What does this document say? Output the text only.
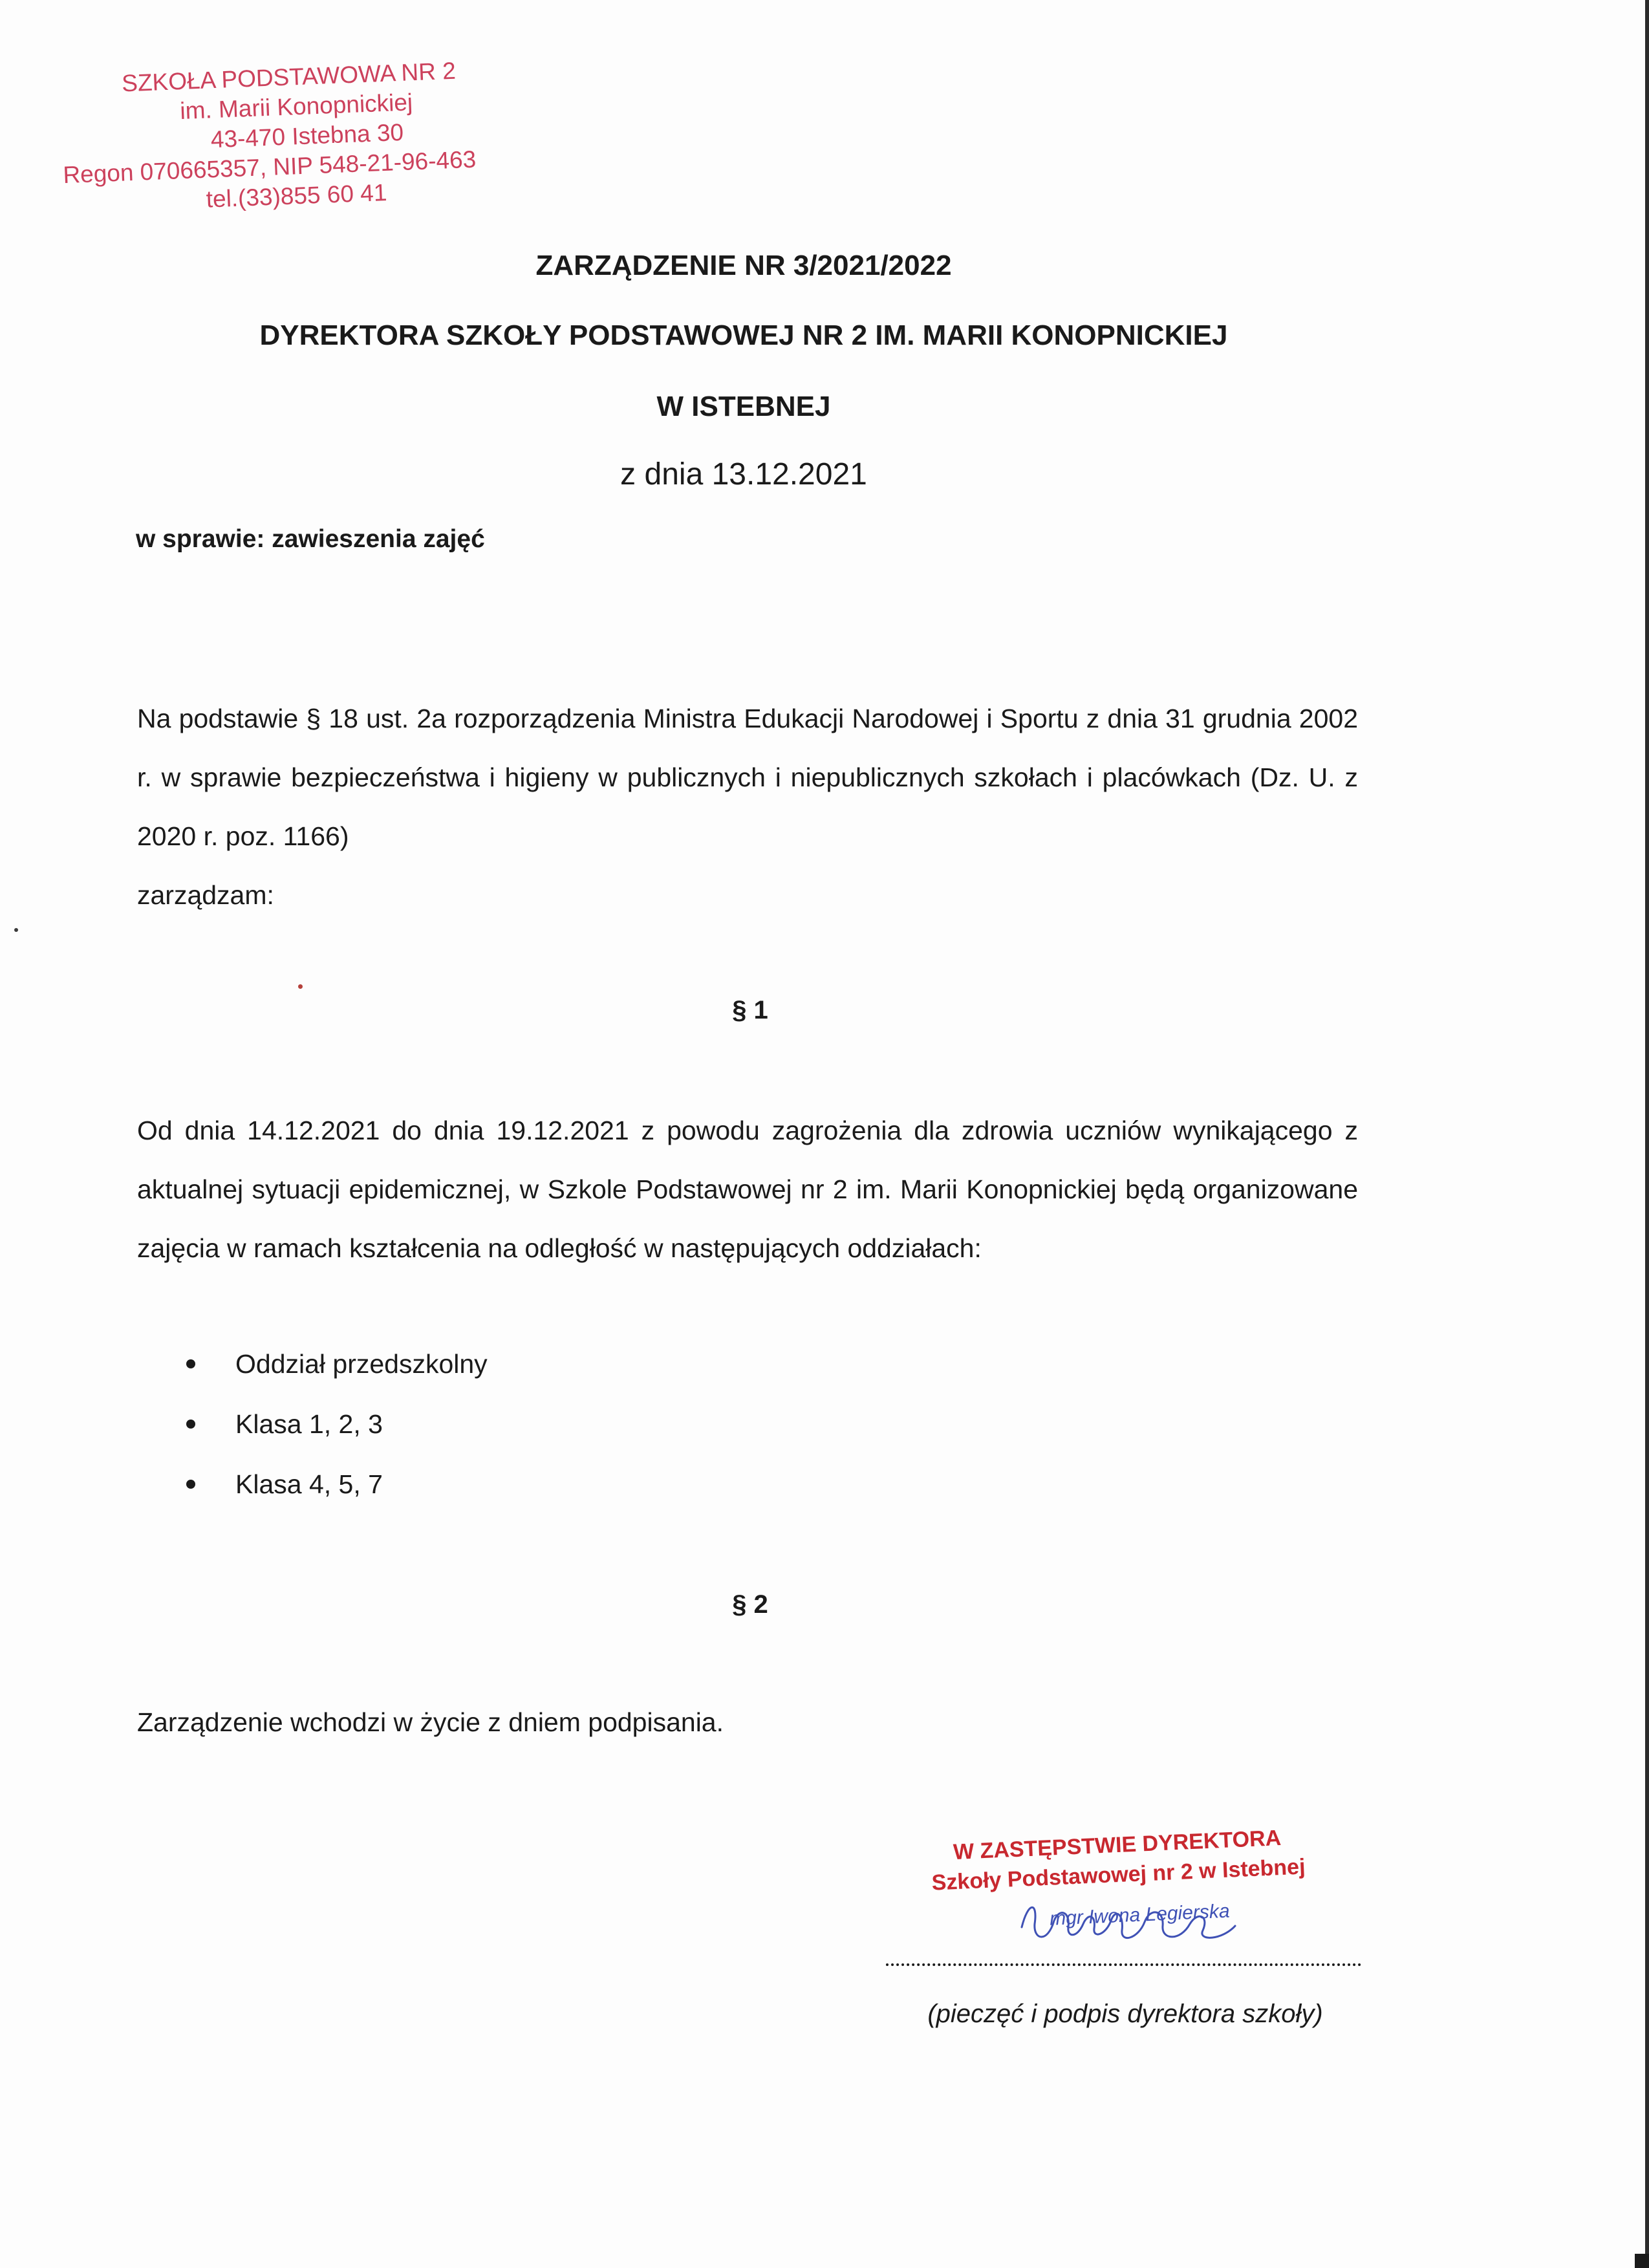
SZKOŁA PODSTAWOWA NR 2
im. Marii Konopnickiej
43-470 Istebna 30
Regon 070665357, NIP 548-21-96-463
tel.(33)855 60 41
ZARZĄDZENIE NR 3/2021/2022
DYREKTORA SZKOŁY PODSTAWOWEJ NR 2 IM. MARII KONOPNICKIEJ
W ISTEBNEJ
z dnia 13.12.2021
w sprawie: zawieszenia zajęć
Na podstawie § 18 ust. 2a rozporządzenia Ministra Edukacji Narodowej i Sportu z dnia 31 grudnia 2002 r. w sprawie bezpieczeństwa i higieny w publicznych i niepublicznych szkołach i placówkach (Dz. U. z 2020 r. poz. 1166)
zarządzam:
§ 1
Od dnia 14.12.2021 do dnia 19.12.2021 z powodu zagrożenia dla zdrowia uczniów wynikającego z aktualnej sytuacji epidemicznej, w Szkole Podstawowej nr 2 im. Marii Konopnickiej będą organizowane zajęcia w ramach kształcenia na odległość w następujących oddziałach:
Oddział przedszkolny
Klasa 1, 2, 3
Klasa 4, 5, 7
§ 2
Zarządzenie wchodzi w życie z dniem podpisania.
W ZASTĘPSTWIE DYREKTORA
Szkoły Podstawowej nr 2 w Istebnej
mgr Iwona Legierska
(pieczęć i podpis dyrektora szkoły)
